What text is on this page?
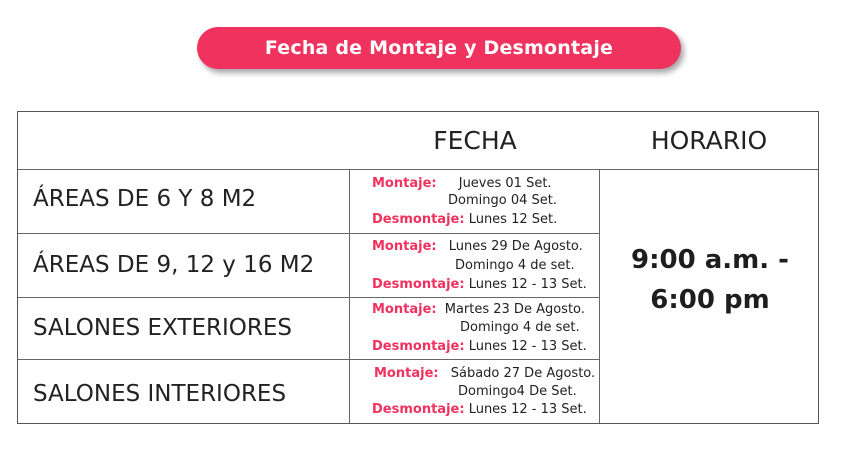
Fecha de Montaje y Desmontaje
FECHA	HORARIO
ÁREAS DE 6 Y 8 M2
Montaje: Jueves 01 Set.
Domingo 04 Set.
Desmontaje: Lunes 12 Set.
ÁREAS DE 9, 12 y 16 M2
Montaje: Lunes 29 De Agosto.
Domingo 4 de set.
Desmontaje: Lunes 12 - 13 Set.
SALONES EXTERIORES
Montaje: Martes 23 De Agosto.
Domingo 4 de set.
Desmontaje: Lunes 12 - 13 Set.
SALONES INTERIORES
Montaje: Sábado 27 De Agosto.
Domingo4 De Set.
Desmontaje: Lunes 12 - 13 Set.
9:00 a.m. -
6:00 pm
